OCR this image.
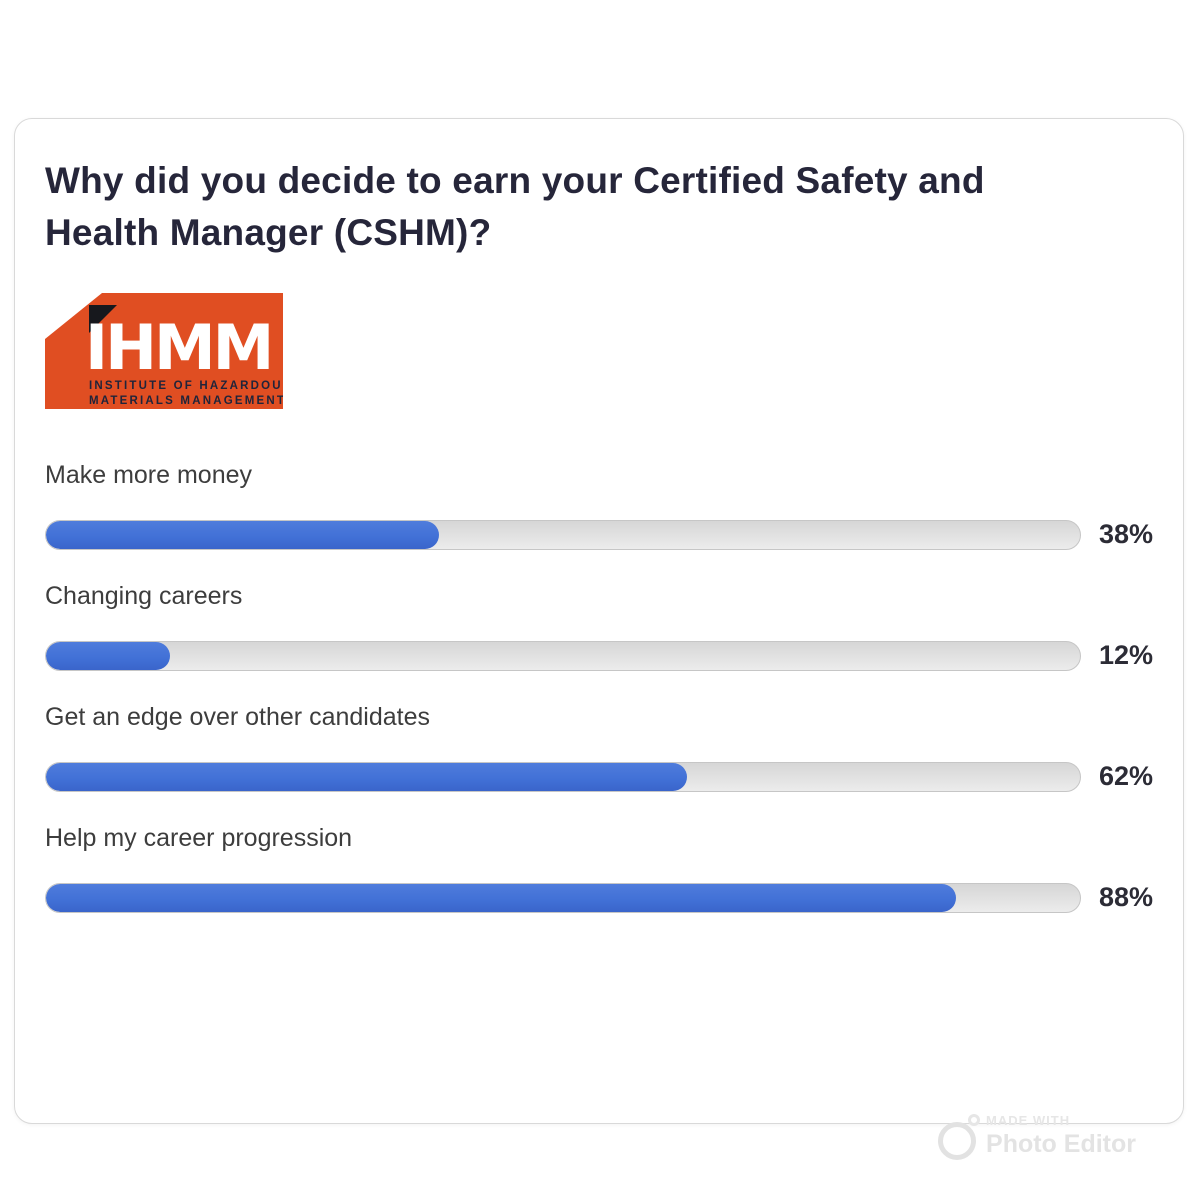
Why did you decide to earn your Certified Safety and
Health Manager (CSHM)?
IHMM
INSTITUTE OF HAZARDOUS
MATERIALS MANAGEMENT
Make more money
38%
Changing careers
12%
Get an edge over other candidates
62%
Help my career progression
88%
MADE WITH
Photo Editor
